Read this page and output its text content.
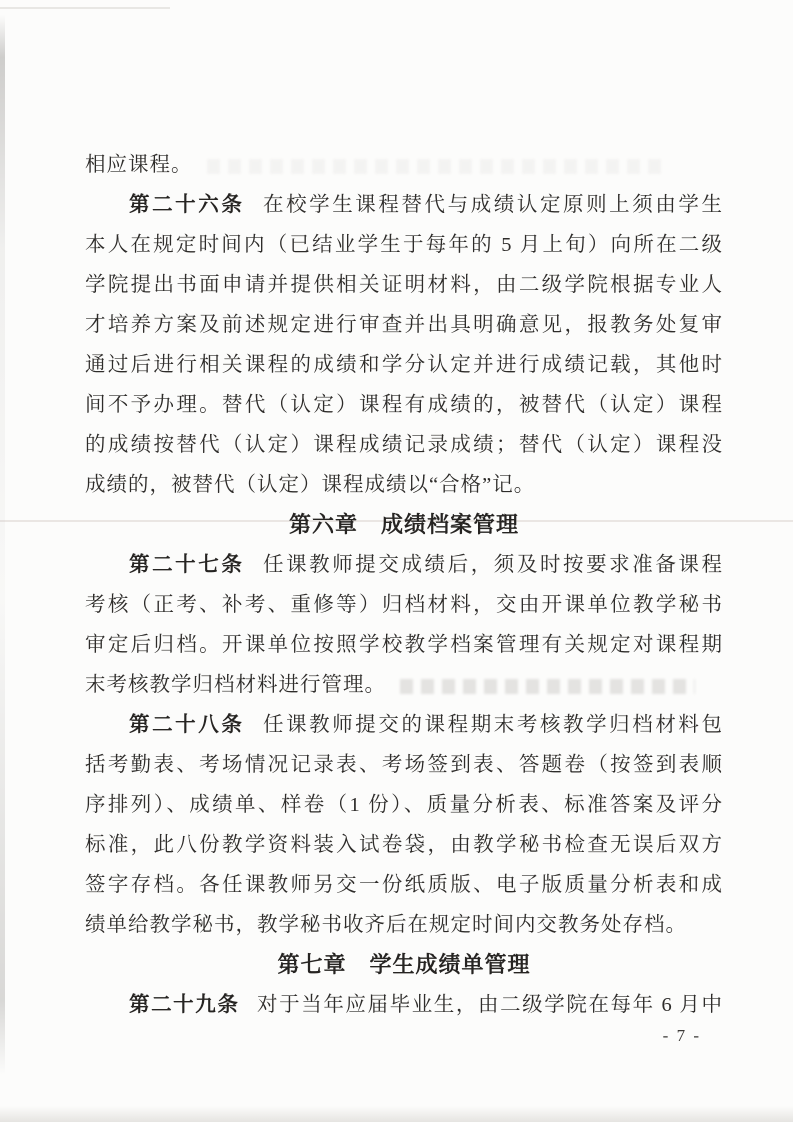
相应课程。
第二十六条 在校学生课程替代与成绩认定原则上须由学生
本人在规定时间内（已结业学生于每年的 5 月上旬）向所在二级
学院提出书面申请并提供相关证明材料，由二级学院根据专业人
才培养方案及前述规定进行审查并出具明确意见，报教务处复审
通过后进行相关课程的成绩和学分认定并进行成绩记载，其他时
间不予办理。替代（认定）课程有成绩的，被替代（认定）课程
的成绩按替代（认定）课程成绩记录成绩；替代（认定）课程没
成绩的，被替代（认定）课程成绩以“合格”记。
第六章　成绩档案管理
第二十七条 任课教师提交成绩后，须及时按要求准备课程
考核（正考、补考、重修等）归档材料，交由开课单位教学秘书
审定后归档。开课单位按照学校教学档案管理有关规定对课程期
末考核教学归档材料进行管理。
第二十八条 任课教师提交的课程期末考核教学归档材料包
括考勤表、考场情况记录表、考场签到表、答题卷（按签到表顺
序排列）、成绩单、样卷（1 份）、质量分析表、标准答案及评分
标准，此八份教学资料装入试卷袋，由教学秘书检查无误后双方
签字存档。各任课教师另交一份纸质版、电子版质量分析表和成
绩单给教学秘书，教学秘书收齐后在规定时间内交教务处存档。
第七章　学生成绩单管理
第二十九条 对于当年应届毕业生，由二级学院在每年 6 月中
- 7 -
